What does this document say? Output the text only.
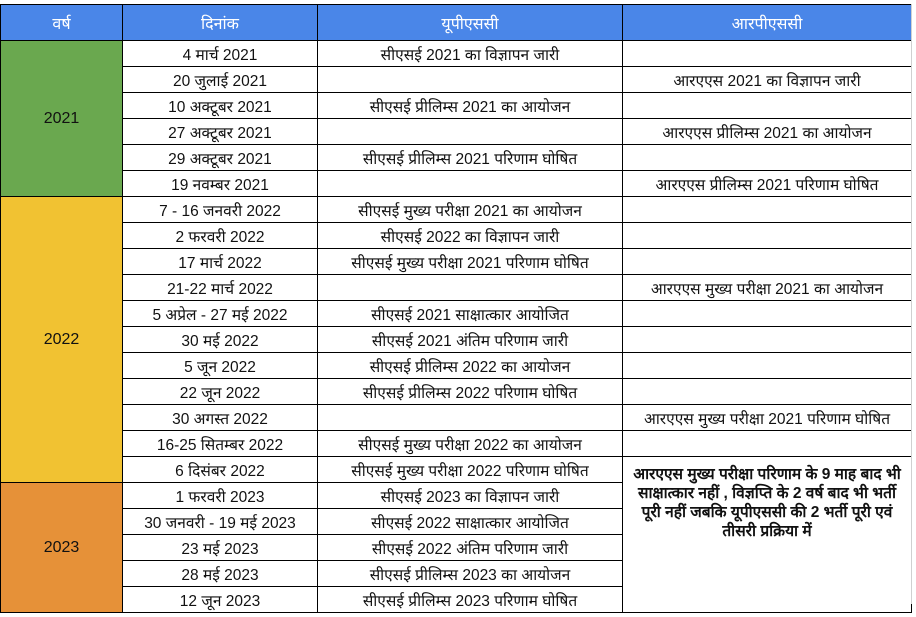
वर्ष	दिनांक	यूपीएससी	आरपीएससी
2021	4 मार्च 2021	सीएसई 2021 का विज्ञापन जारी	
	20 जुलाई 2021		आरएएस 2021 का विज्ञापन जारी
	10 अक्टूबर 2021	सीएसई प्रीलिम्स 2021 का आयोजन	
	27 अक्टूबर 2021		आरएएस प्रीलिम्स 2021 का आयोजन
	29 अक्टूबर 2021	सीएसई प्रीलिम्स 2021 परिणाम घोषित	
	19 नवम्बर 2021		आरएएस प्रीलिम्स 2021 परिणाम घोषित
2022	7 - 16 जनवरी 2022	सीएसई मुख्य परीक्षा 2021 का आयोजन	
	2 फरवरी 2022	सीएसई 2022 का विज्ञापन जारी	
	17 मार्च 2022	सीएसई मुख्य परीक्षा 2021 परिणाम घोषित	
	21-22 मार्च 2022		आरएएस मुख्य परीक्षा 2021 का आयोजन
	5 अप्रेल - 27 मई 2022	सीएसई 2021 साक्षात्कार आयोजित	
	30 मई 2022	सीएसई 2021 अंतिम परिणाम जारी	
	5 जून 2022	सीएसई प्रीलिम्स 2022 का आयोजन	
	22 जून 2022	सीएसई प्रीलिम्स 2022 परिणाम घोषित	
	30 अगस्त 2022		आरएएस मुख्य परीक्षा 2021 परिणाम घोषित
	16-25 सितम्बर 2022	सीएसई मुख्य परीक्षा 2022 का आयोजन	
	6 दिसंबर 2022	सीएसई मुख्य परीक्षा 2022 परिणाम घोषित	आरएएस मुख्य परीक्षा परिणाम के 9 माह बाद भी साक्षात्कार नहीं , विज्ञप्ति के 2 वर्ष बाद भी भर्ती पूरी नहीं जबकि यूपीएससी की 2 भर्ती पूरी एवं तीसरी प्रक्रिया में
2023	1 फरवरी 2023	सीएसई 2023 का विज्ञापन जारी	
	30 जनवरी - 19 मई 2023	सीएसई 2022 साक्षात्कार आयोजित	
	23 मई 2023	सीएसई 2022 अंतिम परिणाम जारी	
	28 मई 2023	सीएसई प्रीलिम्स 2023 का आयोजन	
	12 जून 2023	सीएसई प्रीलिम्स 2023 परिणाम घोषित	
